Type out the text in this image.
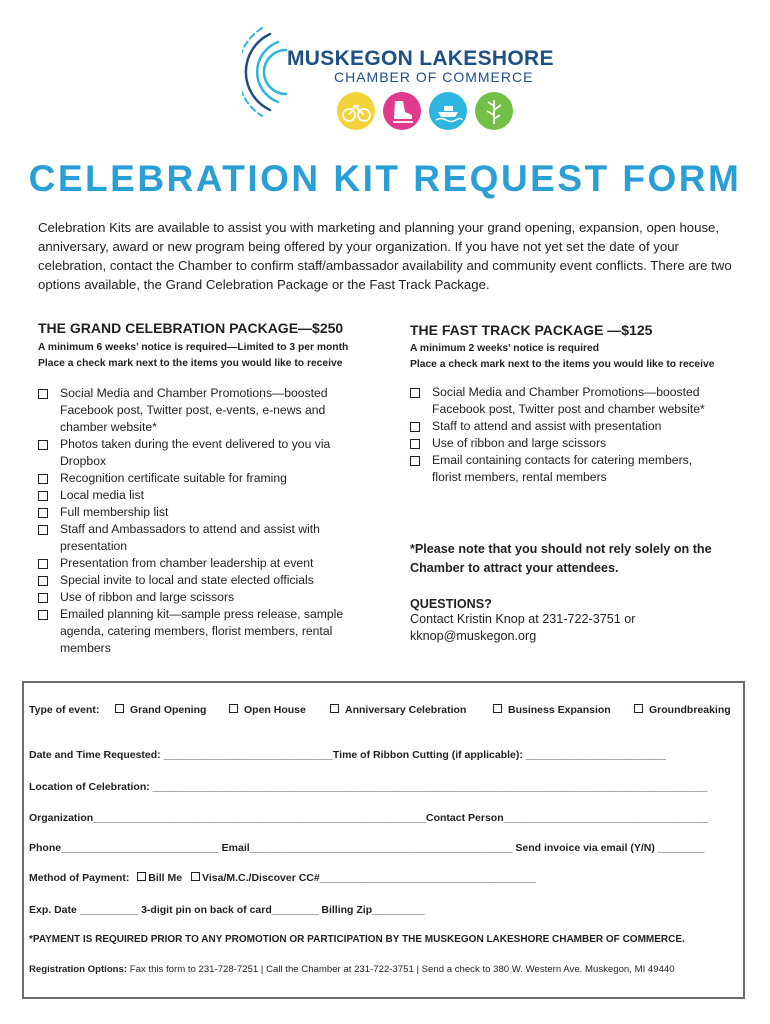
MUSKEGON LAKESHORE
CHAMBER OF COMMERCE
CELEBRATION KIT REQUEST FORM
Celebration Kits are available to assist you with marketing and planning your grand opening, expansion, open house, anniversary, award or new program being offered by your organization. If you have not yet set the date of your celebration, contact the Chamber to confirm staff/ambassador availability and community event conflicts. There are two options available, the Grand Celebration Package or the Fast Track Package.
THE GRAND CELEBRATION PACKAGE—$250
A minimum 6 weeks’ notice is required—Limited to 3 per month
Place a check mark next to the items you would like to receive
Social Media and Chamber Promotions—boosted Facebook post, Twitter post, e-vents, e-news and chamber website*
Photos taken during the event delivered to you via Dropbox
Recognition certificate suitable for framing
Local media list
Full membership list
Staff and Ambassadors to attend and assist with presentation
Presentation from chamber leadership at event
Special invite to local and state elected officials
Use of ribbon and large scissors
Emailed planning kit—sample press release, sample agenda, catering members, florist members, rental members
THE FAST TRACK PACKAGE —$125
A minimum 2 weeks’ notice is required
Place a check mark next to the items you would like to receive
Social Media and Chamber Promotions—boosted Facebook post, Twitter post and chamber website*
Staff to attend and assist with presentation
Use of ribbon and large scissors
Email containing contacts for catering members, florist members, rental members
*Please note that you should not rely solely on the Chamber to attract your attendees.
QUESTIONS?
Contact Kristin Knop at 231-722-3751 or
kknop@muskegon.org
Type of event:	Grand Opening	Open House	Anniversary Celebration	Business Expansion	Groundbreaking
Date and Time Requested: _____________________________Time of Ribbon Cutting (if applicable): ________________________
Location of Celebration: _______________________________________________________________________________________________
Organization_________________________________________________________Contact Person___________________________________
Phone___________________________ Email_____________________________________________ Send invoice via email (Y/N) ________
Method of Payment: Bill Me Visa/M.C./Discover CC#_____________________________________
Exp. Date __________ 3-digit pin on back of card________ Billing Zip_________
*PAYMENT IS REQUIRED PRIOR TO ANY PROMOTION OR PARTICIPATION BY THE MUSKEGON LAKESHORE CHAMBER OF COMMERCE.
Registration Options: Fax this form to 231-728-7251 | Call the Chamber at 231-722-3751 | Send a check to 380 W. Western Ave. Muskegon, MI 49440
